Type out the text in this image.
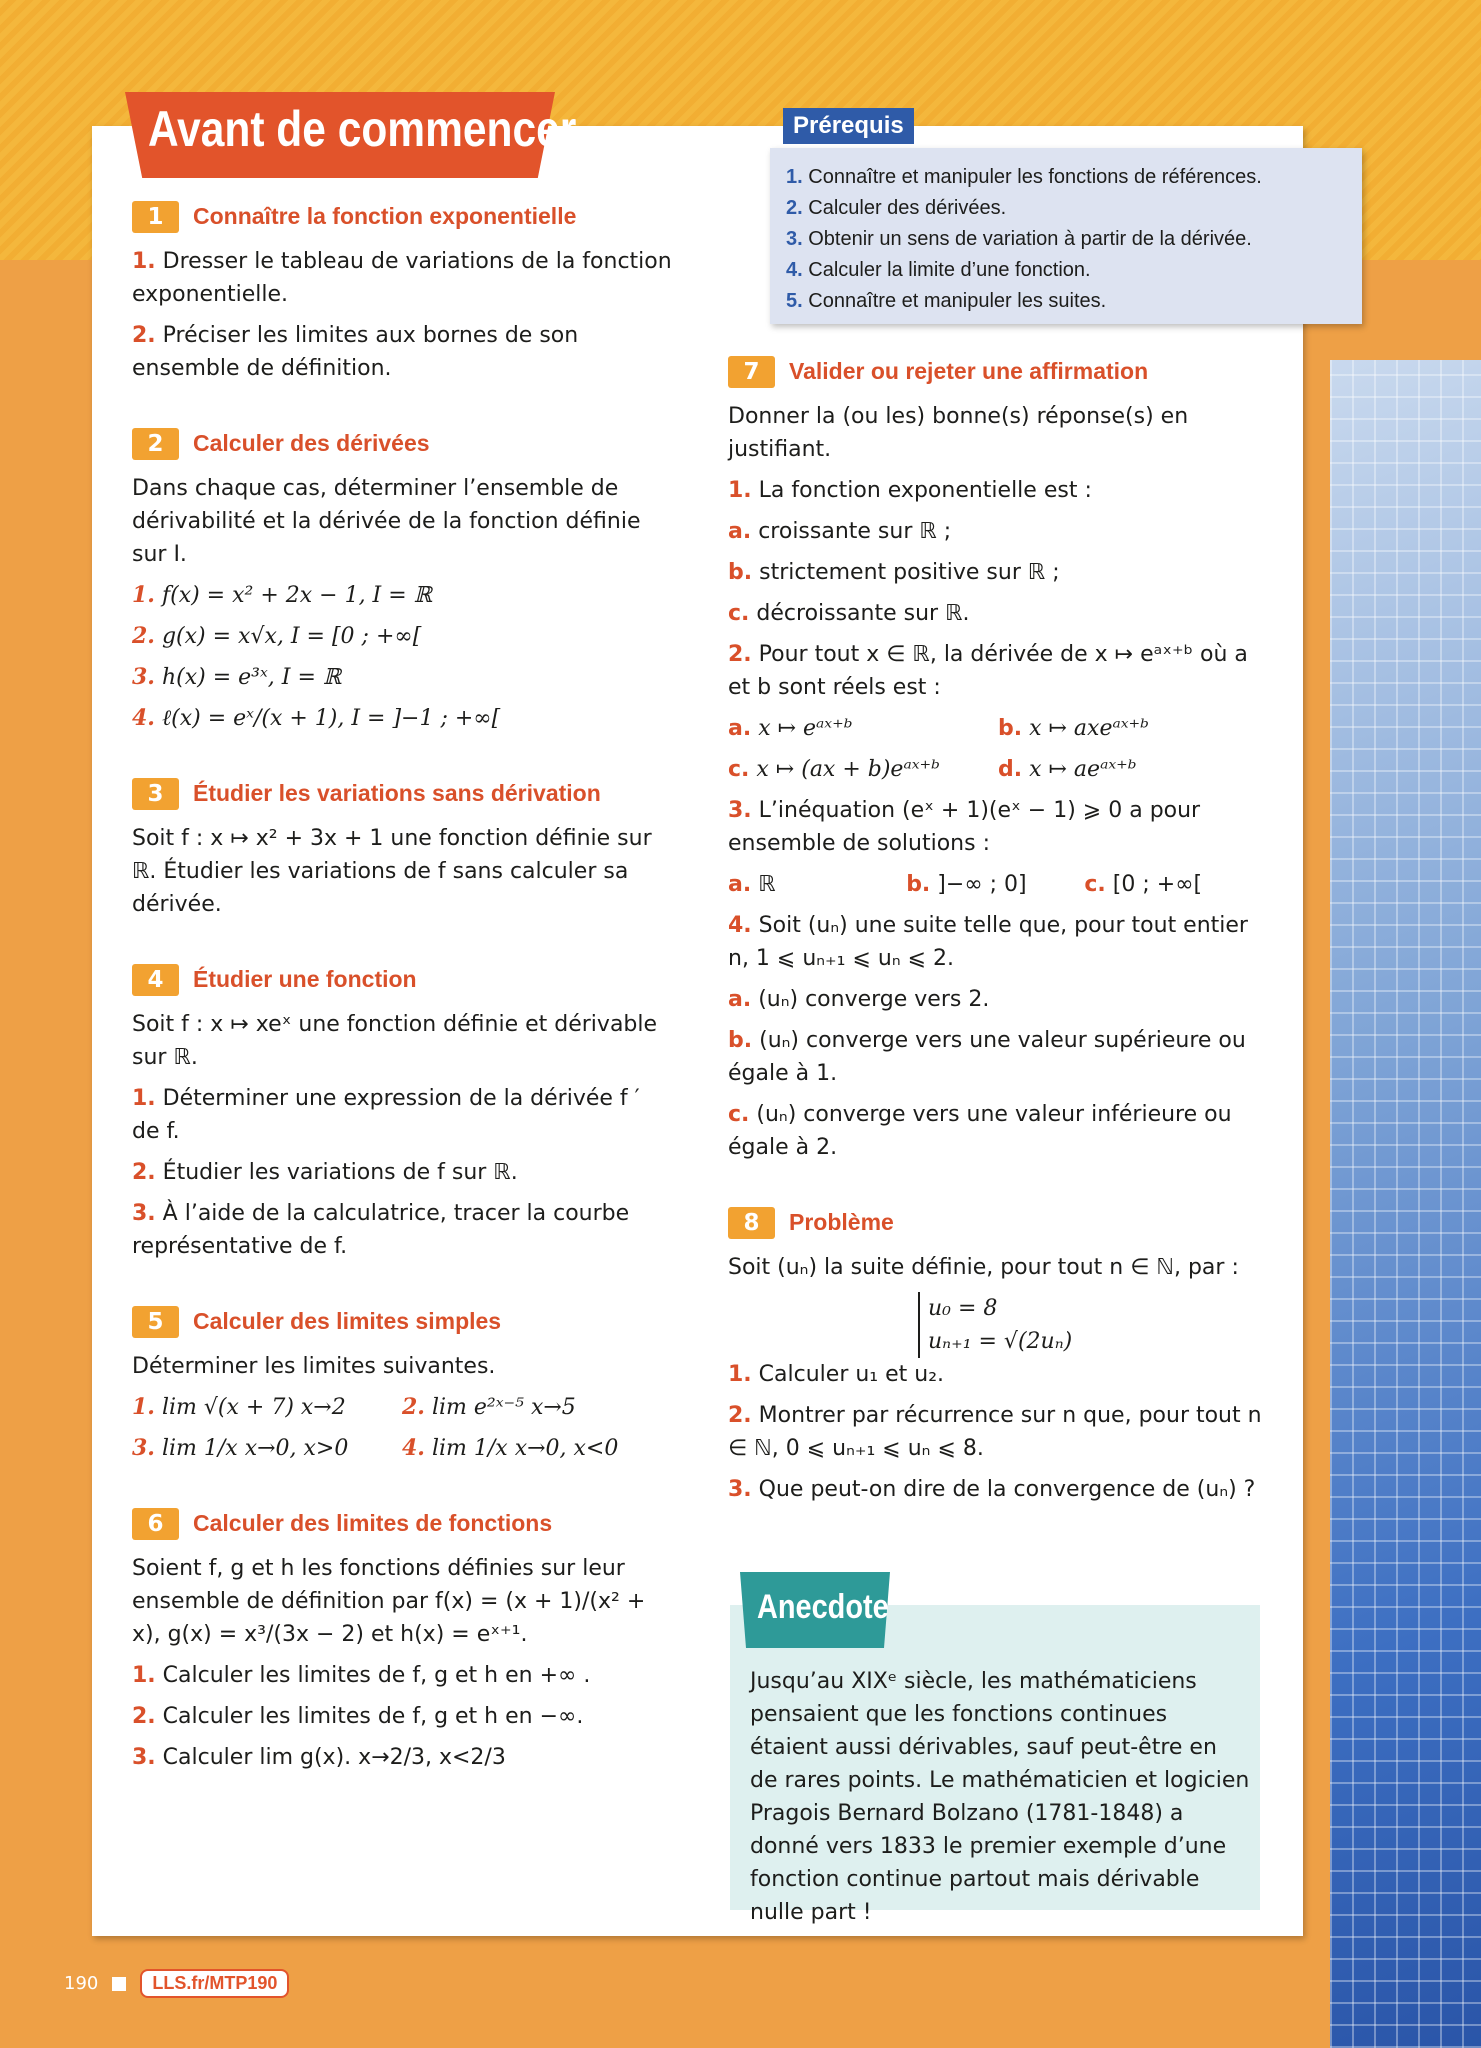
Avant de commencer	Prérequis
1. Connaître et manipuler les fonctions de références.
2. Calculer des dérivées.
3. Obtenir un sens de variation à partir de la dérivée.
4. Calculer la limite d’une fonction.
5. Connaître et manipuler les suites.
1	Connaître la fonction exponentielle
1. Dresser le tableau de variations de la fonction exponentielle.
2. Préciser les limites aux bornes de son ensemble de définition.
2	Calculer des dérivées
Dans chaque cas, déterminer l’ensemble de dérivabilité et la dérivée de la fonction définie sur I.
1. f(x) = x² + 2x − 1, I = ℝ
2. g(x) = x√x, I = [0 ; +∞[
3. h(x) = e³ˣ, I = ℝ
4. ℓ(x) = eˣ/(x + 1), I = ]−1 ; +∞[
3	Étudier les variations sans dérivation
Soit f : x ↦ x² + 3x + 1 une fonction définie sur ℝ. Étudier les variations de f sans calculer sa dérivée.
4	Étudier une fonction
Soit f : x ↦ xeˣ une fonction définie et dérivable sur ℝ.
1. Déterminer une expression de la dérivée f ′ de f.
2. Étudier les variations de f sur ℝ.
3. À l’aide de la calculatrice, tracer la courbe représentative de f.
5	Calculer des limites simples
Déterminer les limites suivantes.
1. lim √(x + 7) x→2	2. lim e²ˣ⁻⁵ x→5
3. lim 1/x x→0, x>0	4. lim 1/x x→0, x<0
6	Calculer des limites de fonctions
Soient f, g et h les fonctions définies sur leur ensemble de définition par f(x) = (x + 1)/(x² + x), g(x) = x³/(3x − 2) et h(x) = eˣ⁺¹.
1. Calculer les limites de f, g et h en +∞ .
2. Calculer les limites de f, g et h en −∞.
3. Calculer lim g(x). x→2/3, x<2/3
7	Valider ou rejeter une affirmation
Donner la (ou les) bonne(s) réponse(s) en justifiant.
1. La fonction exponentielle est :
a. croissante sur ℝ ;
b. strictement positive sur ℝ ;
c. décroissante sur ℝ.
2. Pour tout x ∈ ℝ, la dérivée de x ↦ eᵃˣ⁺ᵇ où a et b sont réels est :
a. x ↦ eᵃˣ⁺ᵇ	b. x ↦ axeᵃˣ⁺ᵇ
c. x ↦ (ax + b)eᵃˣ⁺ᵇ	d. x ↦ aeᵃˣ⁺ᵇ
3. L’inéquation (eˣ + 1)(eˣ − 1) ⩾ 0 a pour ensemble de solutions :
a. ℝ	b. ]−∞ ; 0]	c. [0 ; +∞[
4. Soit (uₙ) une suite telle que, pour tout entier n, 1 ⩽ uₙ₊₁ ⩽ uₙ ⩽ 2.
a. (uₙ) converge vers 2.
b. (uₙ) converge vers une valeur supérieure ou égale à 1.
c. (uₙ) converge vers une valeur inférieure ou égale à 2.
8	Problème
Soit (uₙ) la suite définie, pour tout n ∈ ℕ, par :
u₀ = 8
uₙ₊₁ = √(2uₙ)
1. Calculer u₁ et u₂.
2. Montrer par récurrence sur n que, pour tout n ∈ ℕ, 0 ⩽ uₙ₊₁ ⩽ uₙ ⩽ 8.
3. Que peut-on dire de la convergence de (uₙ) ?
Anecdote
Jusqu’au XIXᵉ siècle, les mathématiciens pensaient que les fonctions continues étaient aussi dérivables, sauf peut-être en de rares points. Le mathématicien et logicien Pragois Bernard Bolzano (1781-1848) a donné vers 1833 le premier exemple d’une fonction continue partout mais dérivable nulle part !
190	LLS.fr/MTP190
